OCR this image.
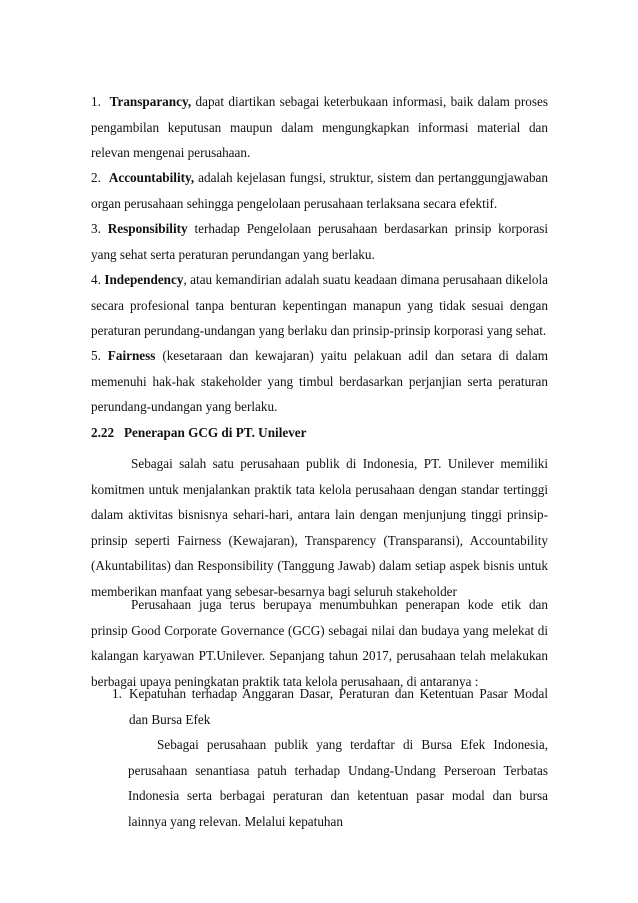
1. Transparancy, dapat diartikan sebagai keterbukaan informasi, baik dalam proses pengambilan keputusan maupun dalam mengungkapkan informasi material dan relevan mengenai perusahaan.
2. Accountability, adalah kejelasan fungsi, struktur, sistem dan pertanggungjawaban organ perusahaan sehingga pengelolaan perusahaan terlaksana secara efektif.
3. Responsibility terhadap Pengelolaan perusahaan berdasarkan prinsip korporasi yang sehat serta peraturan perundangan yang berlaku.
4. Independency, atau kemandirian adalah suatu keadaan dimana perusahaan dikelola secara profesional tanpa benturan kepentingan manapun yang tidak sesuai dengan peraturan perundang-undangan yang berlaku dan prinsip-prinsip korporasi yang sehat.
5. Fairness (kesetaraan dan kewajaran) yaitu pelakuan adil dan setara di dalam memenuhi hak-hak stakeholder yang timbul berdasarkan perjanjian serta peraturan perundang-undangan yang berlaku.
2.22   Penerapan GCG di PT. Unilever
Sebagai salah satu perusahaan publik di Indonesia, PT. Unilever memiliki komitmen untuk menjalankan praktik tata kelola perusahaan dengan standar tertinggi dalam aktivitas bisnisnya sehari-hari, antara lain dengan menjunjung tinggi prinsip-prinsip seperti Fairness (Kewajaran), Transparency (Transparansi), Accountability (Akuntabilitas) dan Responsibility (Tanggung Jawab) dalam setiap aspek bisnis untuk memberikan manfaat yang sebesar-besarnya bagi seluruh stakeholder
Perusahaan juga terus berupaya menumbuhkan penerapan kode etik dan prinsip Good Corporate Governance (GCG) sebagai nilai dan budaya yang melekat di kalangan karyawan PT.Unilever. Sepanjang tahun 2017, perusahaan telah melakukan berbagai upaya peningkatan praktik tata kelola perusahaan, di antaranya :
1. Kepatuhan terhadap Anggaran Dasar, Peraturan dan Ketentuan Pasar Modal dan Bursa Efek
Sebagai perusahaan publik yang terdaftar di Bursa Efek Indonesia, perusahaan senantiasa patuh terhadap Undang-Undang Perseroan Terbatas Indonesia serta berbagai peraturan dan ketentuan pasar modal dan bursa lainnya yang relevan. Melalui kepatuhan
